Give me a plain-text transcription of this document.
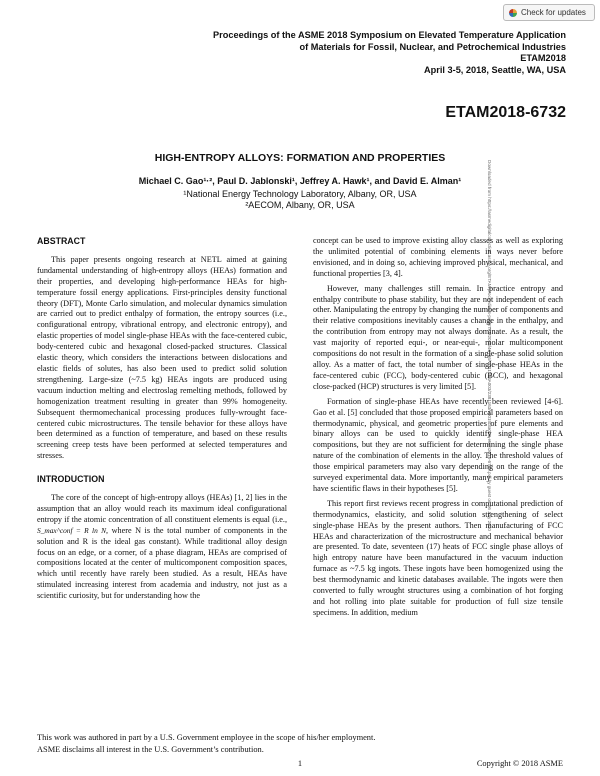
Check for updates
Proceedings of the ASME 2018 Symposium on Elevated Temperature Application
of Materials for Fossil, Nuclear, and Petrochemical Industries
ETAM2018
April 3-5, 2018, Seattle, WA, USA
ETAM2018-6732
HIGH-ENTROPY ALLOYS: FORMATION AND PROPERTIES
Michael C. Gao¹·², Paul D. Jablonski¹, Jeffrey A. Hawk¹, and David E. Alman¹
¹National Energy Technology Laboratory, Albany, OR, USA
²AECOM, Albany, OR, USA	Downloaded from https://asmedigitalcollection.asme.org/ETAM/proceedings-pdf/ETAM2018/40796/V001T03A003/2381163/v001t03a003-etam2018-6732.pdf by guest on 06 July 2020
ABSTRACT

This paper presents ongoing research at NETL aimed at gaining fundamental understanding of high-entropy alloys (HEAs) formation and their properties, and developing high-performance HEAs for high-temperature fossil energy applications. First-principles density functional theory (DFT), Monte Carlo simulation, and molecular dynamics simulation are carried out to predict enthalpy of formation, the entropy sources (i.e., configurational entropy, vibrational entropy, and electronic entropy), and elastic properties of model single-phase HEAs with the face-centered cubic, body-centered cubic and hexagonal closed-packed structures. Classical elastic theory, which considers the interactions between dislocations and elastic fields of solutes, has also been used to predict solid solution strengthening. Large-size (~7.5 kg) HEAs ingots are produced using vacuum induction melting and electroslag remelting methods, followed by homogenization treatment resulting in greater than 99% homogeneity. Subsequent thermomechanical processing produces fully-wrought face-centered cubic microstructures. The tensile behavior for these alloys have been determined as a function of temperature, and based on these results screening creep tests have been performed at selected temperatures and stresses.

INTRODUCTION

The core of the concept of high-entropy alloys (HEAs) [1, 2] lies in the assumption that an alloy would reach its maximum ideal configurational entropy if the atomic concentration of all constituent elements is equal (i.e., S_max^conf = R ln N, where N is the total number of components in the solution and R is the ideal gas constant). While traditional alloy design focus on an edge, or a corner, of a phase diagram, HEAs are comprised of compositions located at the center of multicomponent composition spaces, which until recently have rarely been studied. As a result, HEAs have stimulated increasing interest from academia and industry, not just as a scientific curiosity, but for understanding how the

concept can be used to improve existing alloy classes as well as exploring the unlimited potential of combining elements in ways never before envisioned, and in doing so, achieving improved physical, mechanical, and functional properties [3, 4].

However, many challenges still remain. In practice entropy and enthalpy contribute to phase stability, but they are not independent of each other. Manipulating the entropy by changing the number of components and their relative compositions inevitably causes a change in the enthalpy, and the contribution from entropy may not always dominate. As a result, the vast majority of reported equi-, or near-equi-, molar multicomponent compositions do not result in the formation of a single-phase solid solution alloy. As a matter of fact, the total number of single-phase HEAs in the face-centered cubic (FCC), body-centered cubic (BCC), and hexagonal close-packed (HCP) structures is very limited [5].

Formation of single-phase HEAs have recently been reviewed [4-6]. Gao et al. [5] concluded that those proposed empirical parameters based on thermodynamic, physical, and geometric properties of pure elements and binary alloys can be used to quickly identify single-phase HEA compositions, but they are not sufficient for determining the single phase nature of the combination of elements in the alloy. The threshold values of those empirical parameters may also vary depending on the range of the surveyed experimental data. More importantly, many empirical parameters have scientific flaws in their hypotheses [5].

This report first reviews recent progress in computational prediction of thermodynamics, elasticity, and solid solution strengthening of select single-phase HEAs by the present authors. Then manufacturing of FCC HEAs and characterization of the microstructure and mechanical behavior are presented. To date, seventeen (17) heats of FCC single phase alloys of high entropy nature have been manufactured in the vacuum induction furnace as ~7.5 kg ingots. These ingots have been homogenized using the best thermodynamic and kinetic databases available. The ingots were then converted to fully wrought structures using a combination of hot forging and hot rolling into plate suitable for production of full size tensile specimens. In addition, medium

This work was authored in part by a U.S. Government employee in the scope of his/her employment.
ASME disclaims all interest in the U.S. Government’s contribution.
1	Copyright © 2018 ASME
